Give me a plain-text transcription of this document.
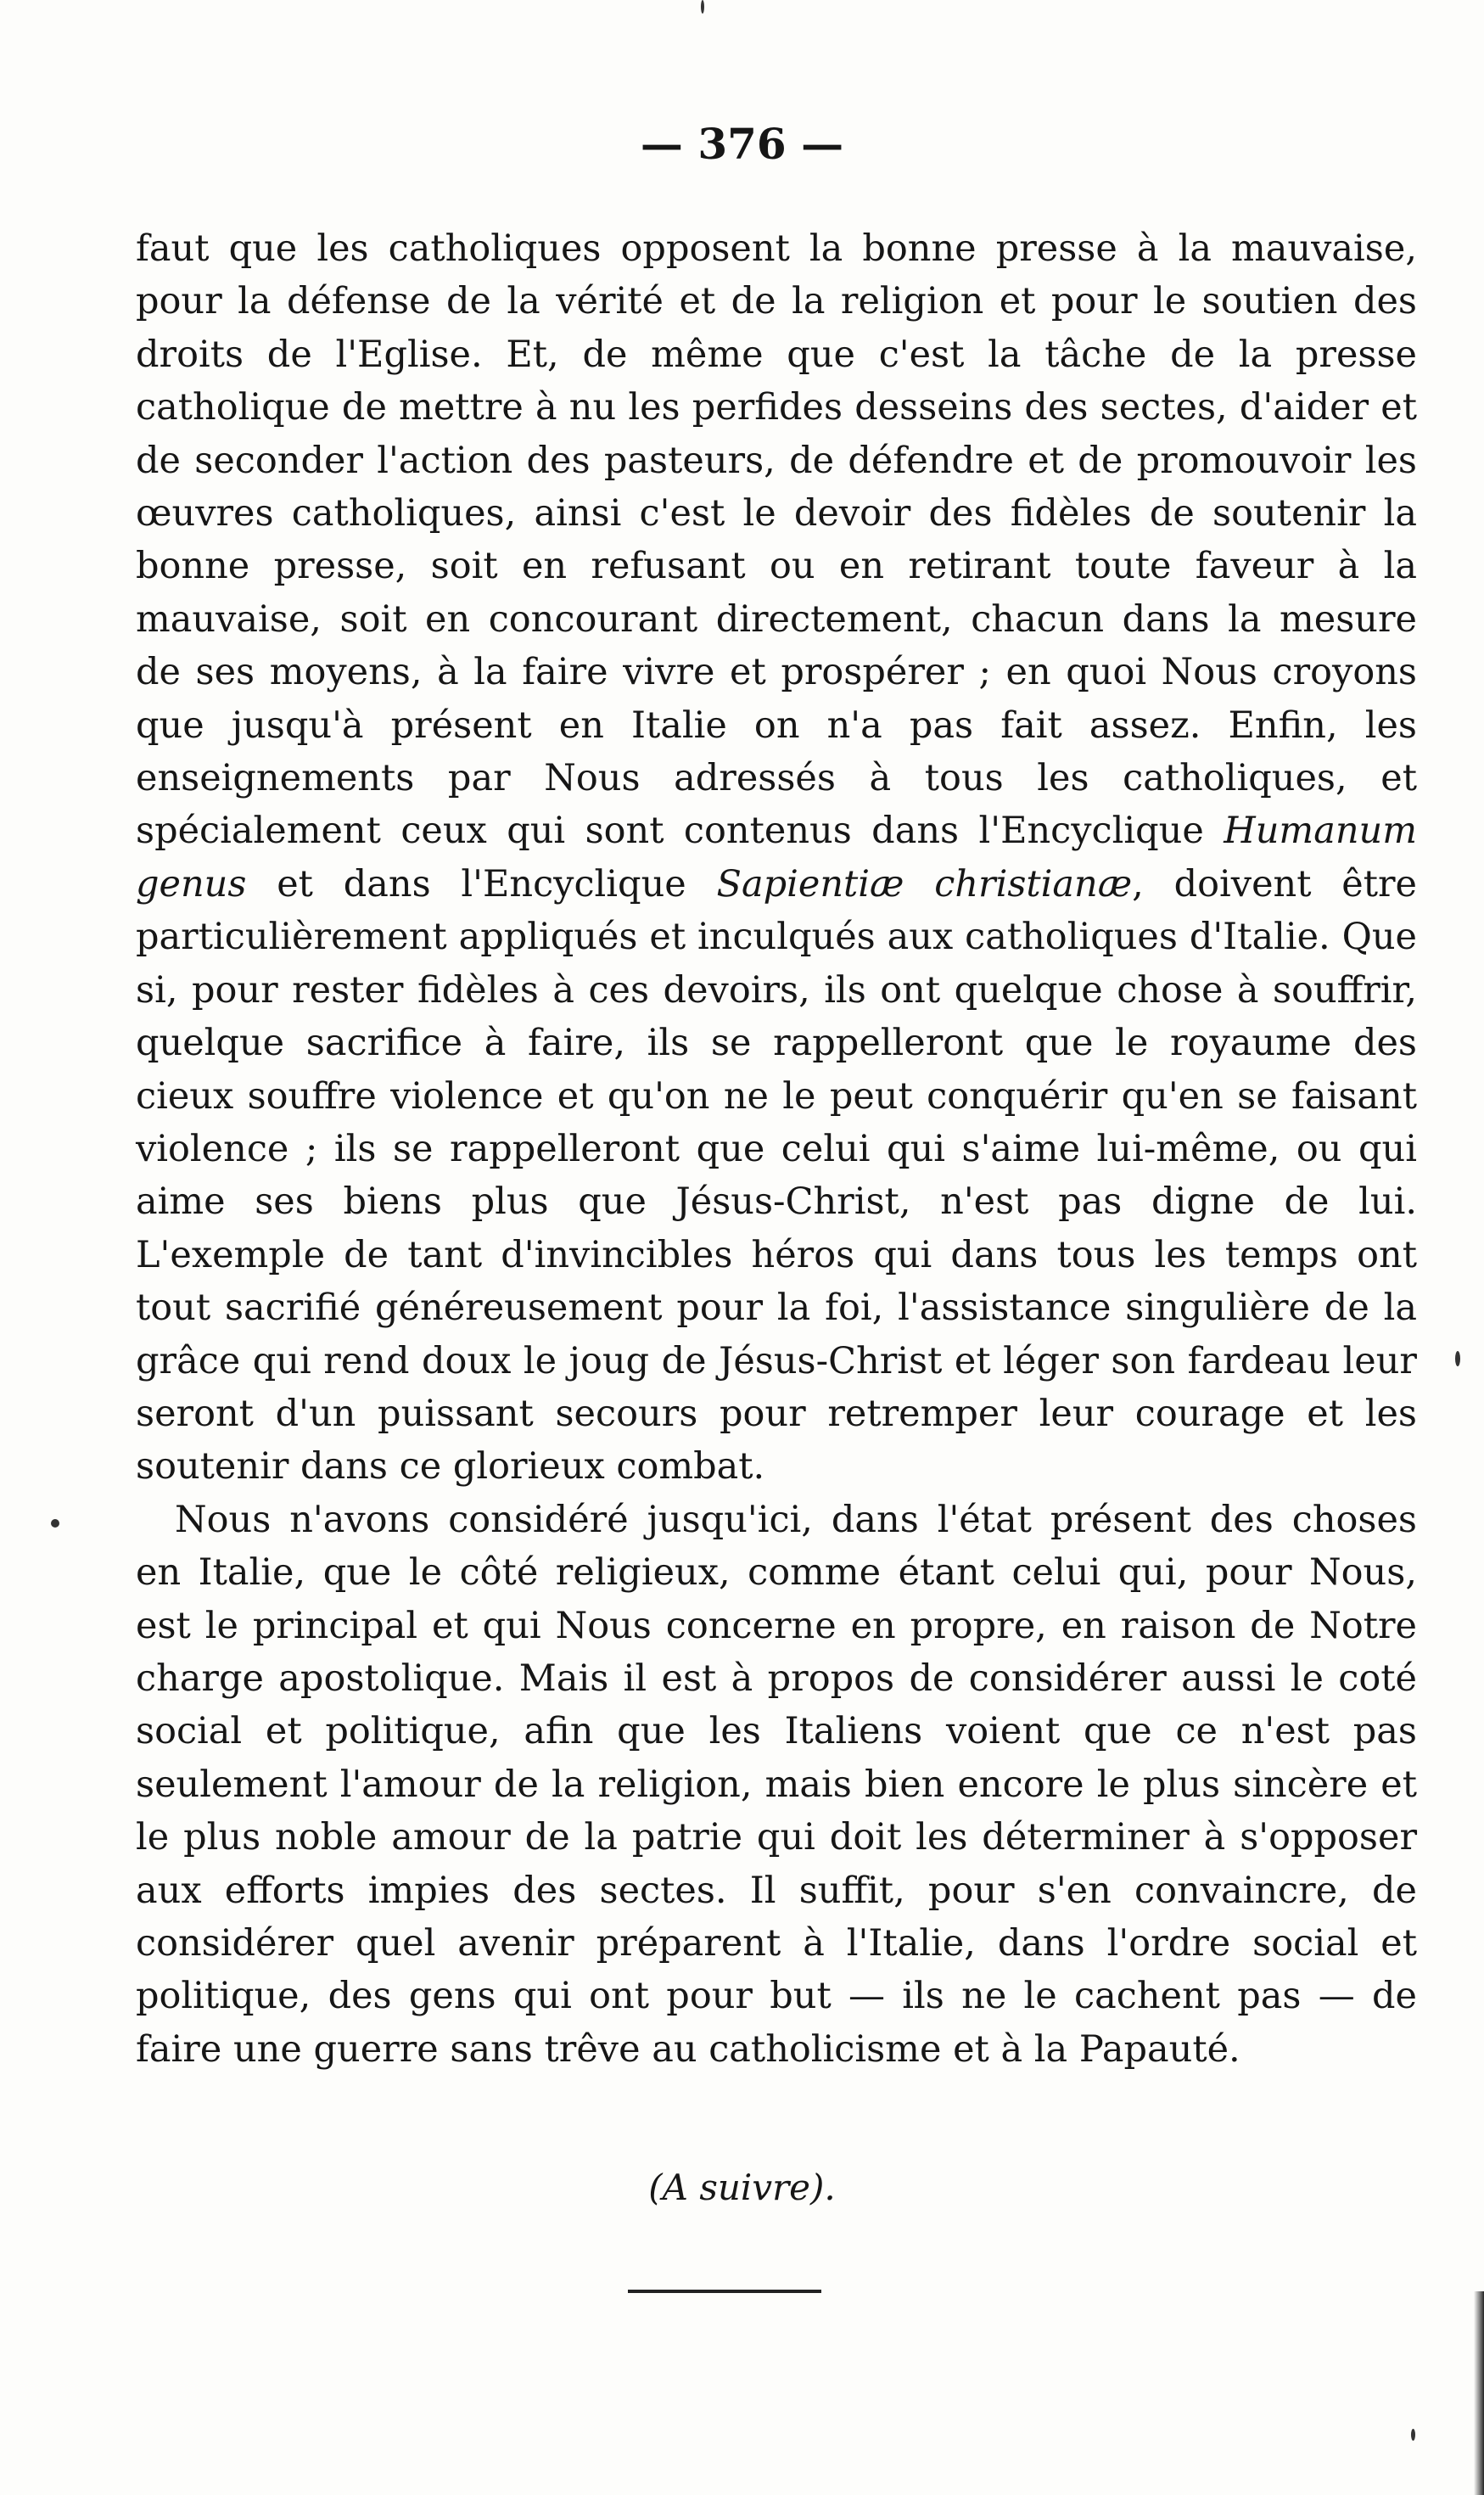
— 376 —

faut que les catholiques opposent la bonne presse à la mauvaise, pour la défense de la vérité et de la religion et pour le soutien des droits de l'Eglise. Et, de même que c'est la tâche de la presse catholique de mettre à nu les perfides desseins des sectes, d'aider et de seconder l'action des pasteurs, de défendre et de promouvoir les œuvres catholiques, ainsi c'est le devoir des fidèles de soutenir la bonne presse, soit en refusant ou en retirant toute faveur à la mauvaise, soit en concourant directement, chacun dans la mesure de ses moyens, à la faire vivre et prospérer ; en quoi Nous croyons que jusqu'à présent en Italie on n'a pas fait assez. Enfin, les enseignements par Nous adressés à tous les catholiques, et spécialement ceux qui sont contenus dans l'Encyclique Humanum genus et dans l'Encyclique Sapientiæ christianæ, doivent être particulièrement appliqués et inculqués aux catholiques d'Italie. Que si, pour rester fidèles à ces devoirs, ils ont quelque chose à souffrir, quelque sacrifice à faire, ils se rappelleront que le royaume des cieux souffre violence et qu'on ne le peut conquérir qu'en se faisant violence ; ils se rappelleront que celui qui s'aime lui-même, ou qui aime ses biens plus que Jésus-Christ, n'est pas digne de lui. L'exemple de tant d'invincibles héros qui dans tous les temps ont tout sacrifié généreusement pour la foi, l'assistance singulière de la grâce qui rend doux le joug de Jésus-Christ et léger son fardeau leur seront d'un puissant secours pour retremper leur courage et les soutenir dans ce glorieux combat.

Nous n'avons considéré jusqu'ici, dans l'état présent des choses en Italie, que le côté religieux, comme étant celui qui, pour Nous, est le principal et qui Nous concerne en propre, en raison de Notre charge apostolique. Mais il est à propos de considérer aussi le coté social et politique, afin que les Italiens voient que ce n'est pas seulement l'amour de la religion, mais bien encore le plus sincère et le plus noble amour de la patrie qui doit les déterminer à s'opposer aux efforts impies des sectes. Il suffit, pour s'en convaincre, de considérer quel avenir préparent à l'Italie, dans l'ordre social et politique, des gens qui ont pour but — ils ne le cachent pas — de faire une guerre sans trêve au catholicisme et à la Papauté.

(A suivre).
